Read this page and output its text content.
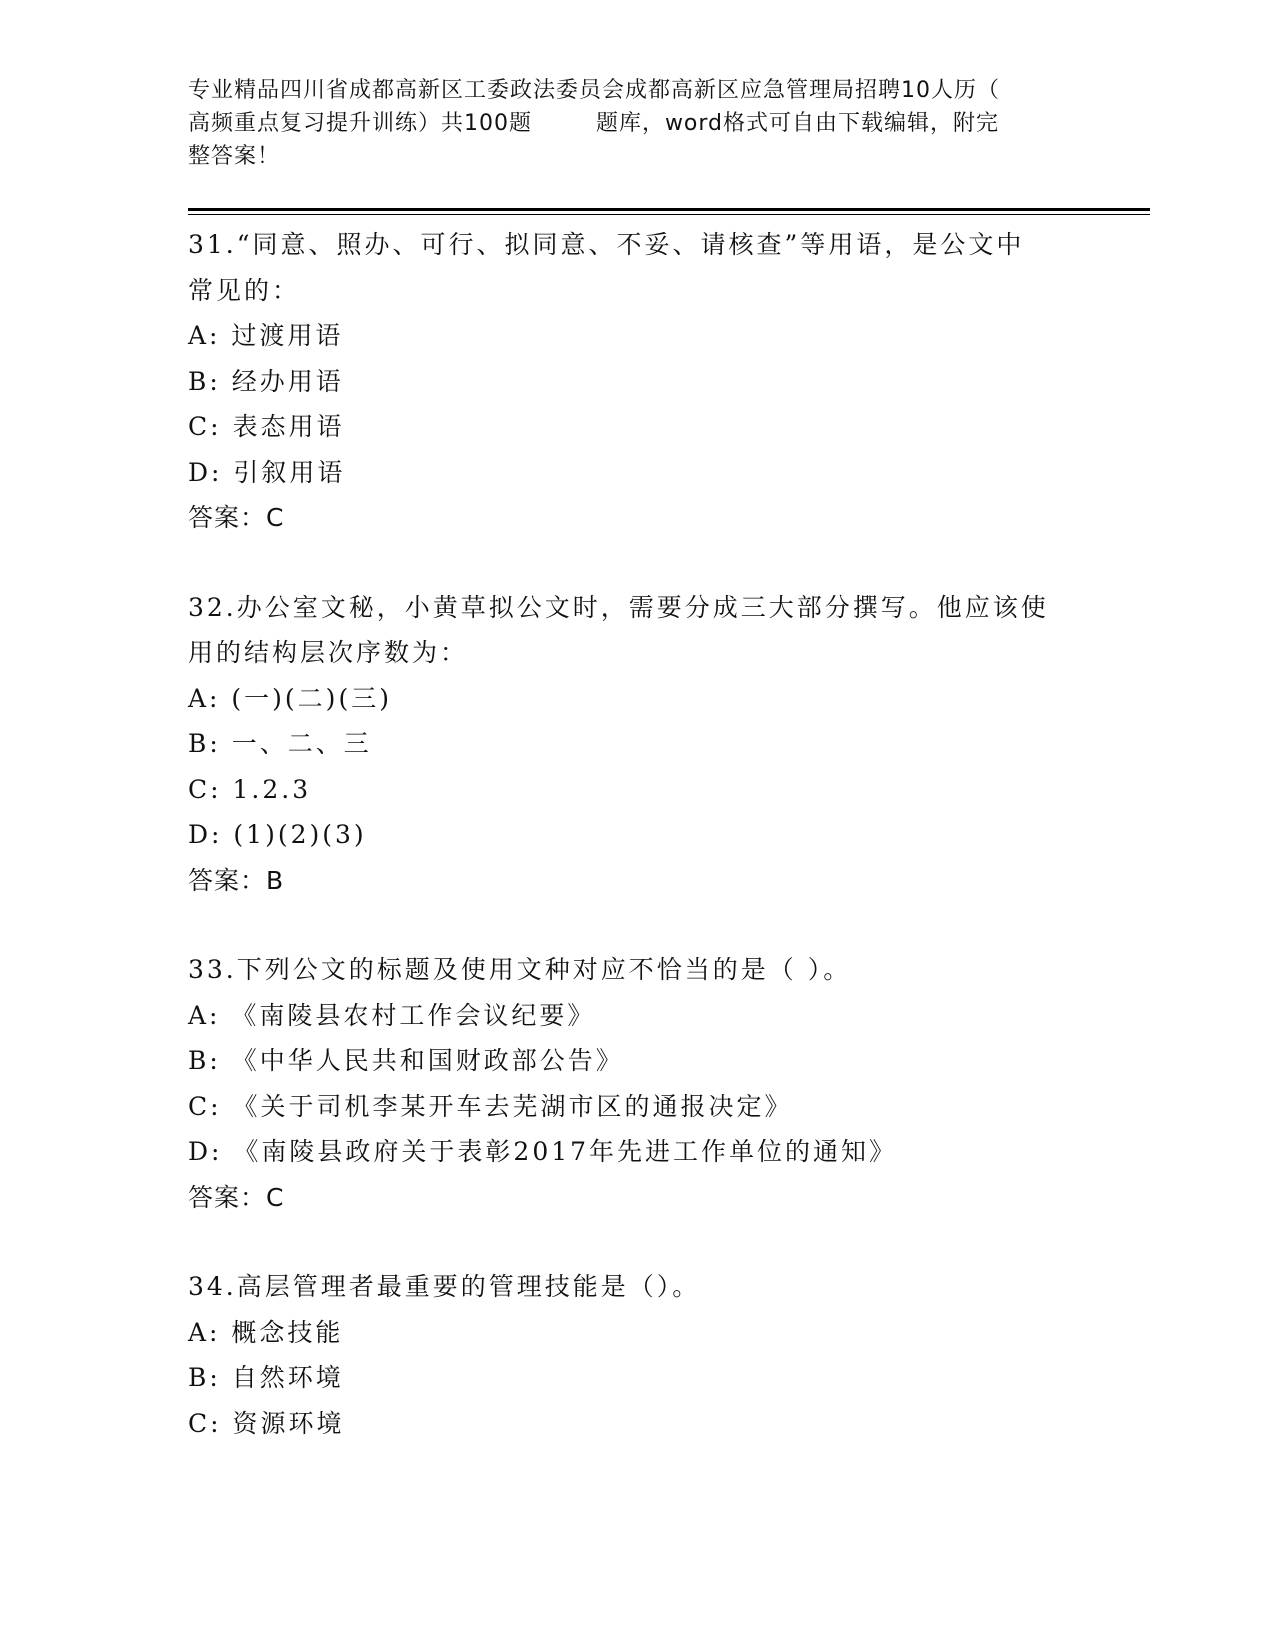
专业精品四川省成都高新区工委政法委员会成都高新区应急管理局招聘10人历（
高频重点复习提升训练）共100题        题库，word格式可自由下载编辑，附完
整答案！
31.“同意、照办、可行、拟同意、不妥、请核查”等用语，是公文中
常见的：
A: 过渡用语
B: 经办用语
C: 表态用语
D: 引叙用语
答案：C
32.办公室文秘，小黄草拟公文时，需要分成三大部分撰写。他应该使
用的结构层次序数为：
A: (一)(二)(三)
B: 一、二、三
C: 1.2.3
D: (1)(2)(3)
答案：B
33.下列公文的标题及使用文种对应不恰当的是（ ）。
A: 《南陵县农村工作会议纪要》
B: 《中华人民共和国财政部公告》
C: 《关于司机李某开车去芜湖市区的通报决定》
D: 《南陵县政府关于表彰2017年先进工作单位的通知》
答案：C
34.高层管理者最重要的管理技能是（）。
A: 概念技能
B: 自然环境
C: 资源环境
